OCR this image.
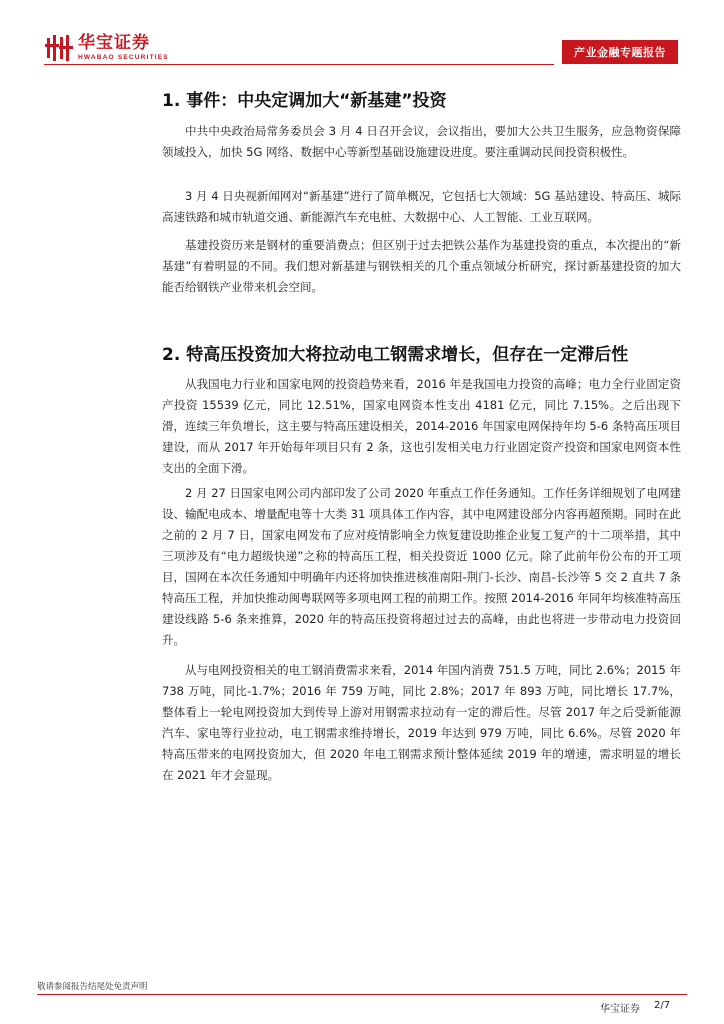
华宝证券
HWABAO SECURITIES	产业金融专题报告
1. 事件：中央定调加大“新基建”投资

中共中央政治局常务委员会 3 月 4 日召开会议，会议指出，要加大公共卫生服务，应急物资保障领域投入，加快 5G 网络、数据中心等新型基础设施建设进度。要注重调动民间投资积极性。

3 月 4 日央视新闻网对“新基建”进行了简单概况，它包括七大领域：5G 基站建设、特高压、城际高速铁路和城市轨道交通、新能源汽车充电桩、大数据中心、人工智能、工业互联网。

基建投资历来是钢材的重要消费点；但区别于过去把铁公基作为基建投资的重点，本次提出的“新基建”有着明显的不同。我们想对新基建与钢铁相关的几个重点领域分析研究，探讨新基建投资的加大能否给钢铁产业带来机会空间。

2. 特高压投资加大将拉动电工钢需求增长，但存在一定滞后性

从我国电力行业和国家电网的投资趋势来看，2016 年是我国电力投资的高峰；电力全行业固定资产投资 15539 亿元，同比 12.51%，国家电网资本性支出 4181 亿元，同比 7.15%。之后出现下滑，连续三年负增长，这主要与特高压建设相关，2014-2016 年国家电网保持年均 5-6 条特高压项目建设，而从 2017 年开始每年项目只有 2 条，这也引发相关电力行业固定资产投资和国家电网资本性支出的全面下滑。

2 月 27 日国家电网公司内部印发了公司 2020 年重点工作任务通知。工作任务详细规划了电网建设、输配电成本、增量配电等十大类 31 项具体工作内容，其中电网建设部分内容再超预期。同时在此之前的 2 月 7 日，国家电网发布了应对疫情影响全力恢复建设助推企业复工复产的十二项举措，其中三项涉及有“电力超级快递”之称的特高压工程，相关投资近 1000 亿元。除了此前年份公布的开工项目，国网在本次任务通知中明确年内还将加快推进核准南阳-荆门-长沙、南昌-长沙等 5 交 2 直共 7 条特高压工程，并加快推动闽粤联网等多项电网工程的前期工作。按照 2014-2016 年同年均核准特高压建设线路 5-6 条来推算，2020 年的特高压投资将超过过去的高峰，由此也将进一步带动电力投资回升。

从与电网投资相关的电工钢消费需求来看，2014 年国内消费 751.5 万吨，同比 2.6%；2015 年 738 万吨，同比-1.7%；2016 年 759 万吨，同比 2.8%；2017 年 893 万吨，同比增长 17.7%，整体看上一轮电网投资加大到传导上游对用钢需求拉动有一定的滞后性。尽管 2017 年之后受新能源汽车、家电等行业拉动，电工钢需求维持增长，2019 年达到 979 万吨，同比 6.6%。尽管 2020 年特高压带来的电网投资加大，但 2020 年电工钢需求预计整体延续 2019 年的增速，需求明显的增长在 2021 年才会显现。

敬请参阅报告结尾处免责声明
华宝证券 2/7
